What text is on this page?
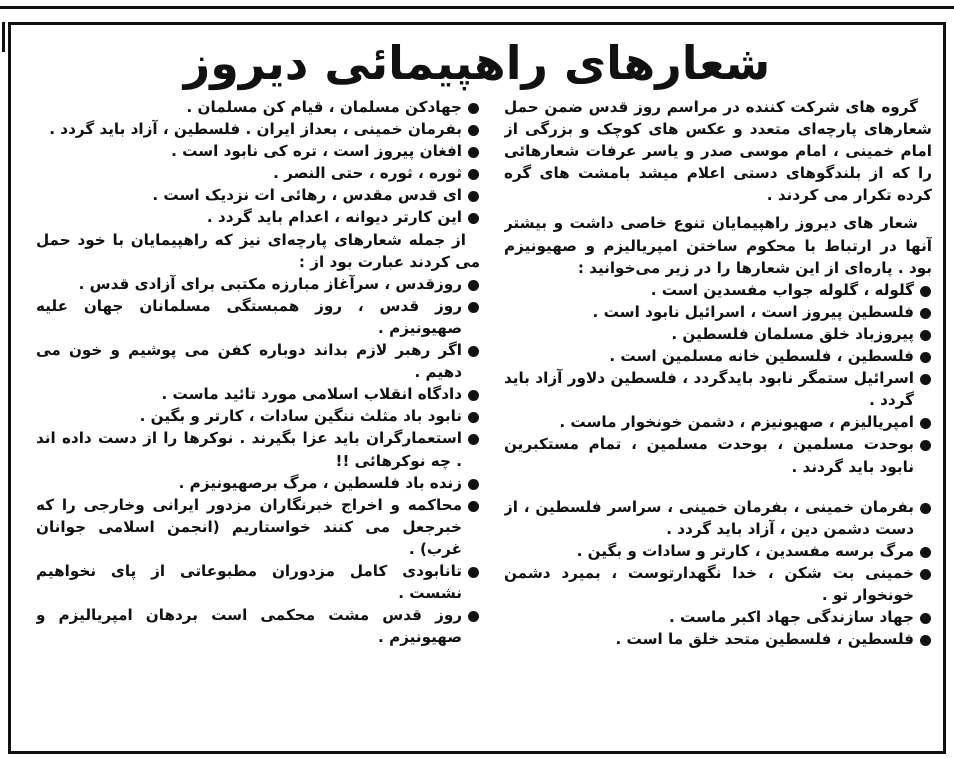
شعارهای راهپیمائی دیروز

گروه های شرکت کننده در مراسم روز قدس ضمن حمل شعارهای پارچه‌ای متعدد و عکس های کوچک و بزرگی از امام خمینی ، امام موسی صدر و یاسر عرفات شعارهائی را که از بلندگوهای دستی اعلام میشد بامشت های گره کرده تکرار می کردند .

شعار های دیروز راهپیمایان تنوع خاصی داشت و بیشتر آنها در ارتباط با محکوم ساختن امپریالیزم و صهیونیزم بود . پاره‌ای از این شعارها را در زیر می‌خوانید :

گلوله ، گلوله جواب مفسدین است .

فلسطین پیروز است ، اسرائیل نابود است .

پیروزباد خلق مسلمان فلسطین .

فلسطین ، فلسطین خانه مسلمین است .

اسرائیل ستمگر نابود بایدگردد ، فلسطین دلاور آزاد باید گردد .

امپریالیزم ، صهیونیزم ، دشمن خونخوار ماست .

بوحدت مسلمین ، بوحدت مسلمین ، تمام مستکبرین نابود باید گردند .

بفرمان خمینی ، بفرمان خمینی ، سراسر فلسطین ، از دست دشمن دین ، آزاد باید گردد .

مرگ برسه مفسدین ، کارتر و سادات و بگین .

خمینی بت شکن ، خدا نگهدارتوست ، بمیرد دشمن خونخوار تو .

جهاد سازندگی جهاد اکبر ماست .

فلسطین ، فلسطین متحد خلق ما است .

جهادکن مسلمان ، قیام کن مسلمان .

بفرمان خمینی ، بعداز ایران . فلسطین ، آزاد باید گردد .

افغان پیروز است ، تره کی نابود است .

ثوره ، ثوره ، حتی النصر .

ای قدس مقدس ، رهائی ات نزدیک است .

این کارتر دیوانه ، اعدام باید گردد .

از جمله شعارهای پارچه‌ای نیز که راهپیمایان با خود حمل می کردند عبارت بود از :

روزقدس ، سرآغاز مبارزه مکتبی برای آزادی قدس .

روز قدس ، روز همبستگی مسلمانان جهان علیه صهیونیزم .

اگر رهبر لازم بداند دوباره کفن می پوشیم و خون می دهیم .

دادگاه انقلاب اسلامی مورد تائید ماست .

نابود باد مثلث ننگین سادات ، کارتر و بگین .

استعمارگران باید عزا بگیرند . نوکرها را از دست داده اند . چه نوکرهائی !!

زنده باد فلسطین ، مرگ برصهیونیزم .

محاکمه و اخراج خبرنگاران مزدور ایرانی وخارجی را که خبرجعل می کنند خواستاریم (انجمن اسلامی جوانان غرب) .

تانابودی کامل مزدوران مطبوعاتی از پای نخواهیم نشست .

روز قدس مشت محکمی است بردهان امپریالیزم و صهیونیزم .
